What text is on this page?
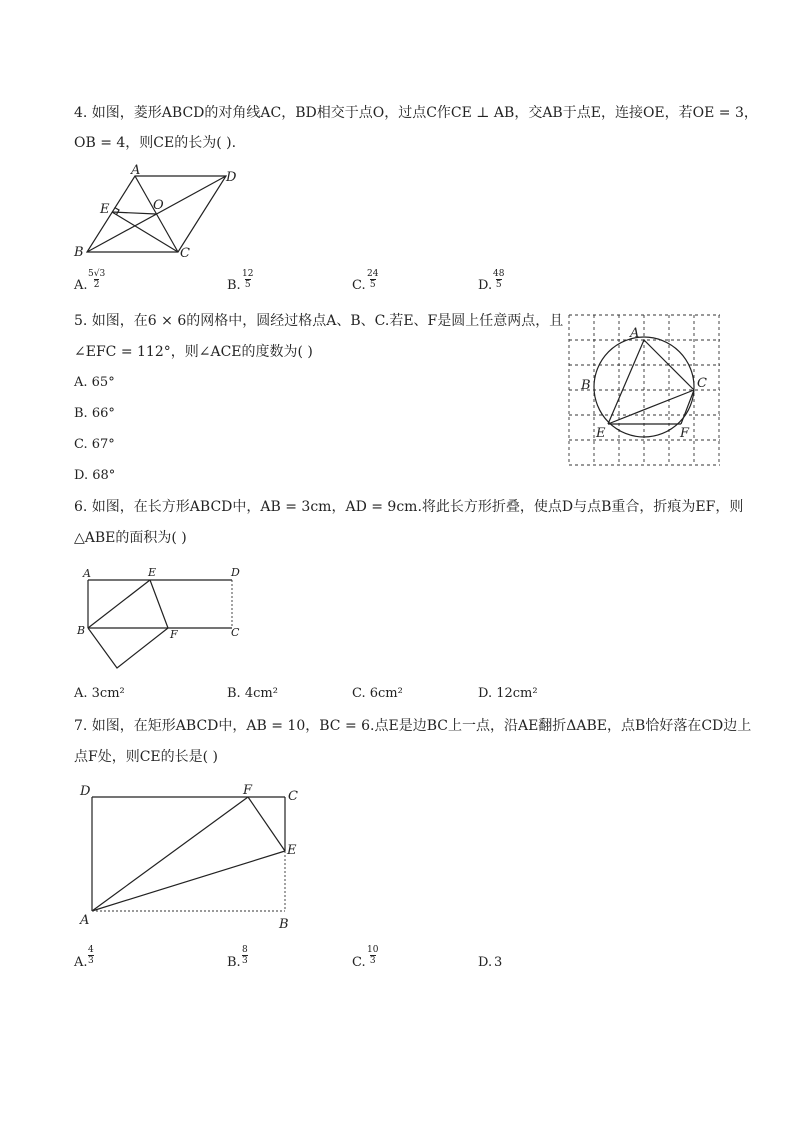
4. 如图，菱形ABCD的对角线AC，BD相交于点O，过点C作CE ⊥ AB，交AB于点E，连接OE，若OE = 3，
OB = 4，则CE的长为( ).
A	D
E	O
B	C
A. $\frac{5√3}{2}$	B. $\frac{12}{5}$	C. $\frac{24}{5}$	D. $\frac{48}{5}$
5. 如图，在6 × 6的网格中，圆经过格点A、B、C.若E、F是圆上任意两点，且
∠EFC = 112°，则∠ACE的度数为( )
A. 65°
B. 66°
C. 67°
D. 68°
A
B	C
E	F
6. 如图，在长方形ABCD中，AB = 3cm，AD = 9cm.将此长方形折叠，使点D与点B重合，折痕为EF，则
△ABE的面积为( )
A	E	D
B	F	C
A. 3cm²	B. 4cm²	C. 6cm²	D. 12cm²
7. 如图，在矩形ABCD中，AB = 10，BC = 6.点E是边BC上一点，沿AE翻折ΔABE，点B恰好落在CD边上
点F处，则CE的长是( )
D	F	C
E
A	B
A. $\frac{4}{3}$	B. $\frac{8}{3}$	C. $\frac{10}{3}$	D. 3
